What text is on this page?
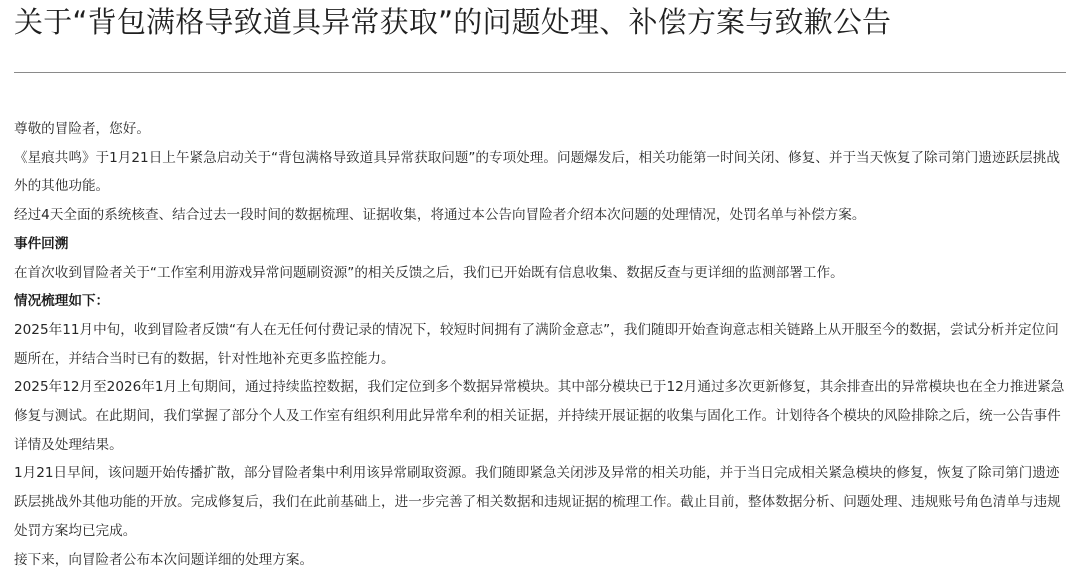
关于“背包满格导致道具异常获取”的问题处理、补偿方案与致歉公告

尊敬的冒险者，您好。

《星痕共鸣》于1月21日上午紧急启动关于“背包满格导致道具异常获取问题”的专项处理。问题爆发后，相关功能第一时间关闭、修复、并于当天恢复了除司第门遗迹跃层挑战外的其他功能。

经过4天全面的系统核查、结合过去一段时间的数据梳理、证据收集，将通过本公告向冒险者介绍本次问题的处理情况，处罚名单与补偿方案。

事件回溯

在首次收到冒险者关于“工作室利用游戏异常问题刷资源”的相关反馈之后，我们已开始既有信息收集、数据反查与更详细的监测部署工作。

情况梳理如下：

2025年11月中旬，收到冒险者反馈“有人在无任何付费记录的情况下，较短时间拥有了满阶金意志”，我们随即开始查询意志相关链路上从开服至今的数据，尝试分析并定位问题所在，并结合当时已有的数据，针对性地补充更多监控能力。

2025年12月至2026年1月上旬期间，通过持续监控数据，我们定位到多个数据异常模块。其中部分模块已于12月通过多次更新修复，其余排查出的异常模块也在全力推进紧急修复与测试。在此期间，我们掌握了部分个人及工作室有组织利用此异常牟利的相关证据，并持续开展证据的收集与固化工作。计划待各个模块的风险排除之后，统一公告事件详情及处理结果。

1月21日早间，该问题开始传播扩散，部分冒险者集中利用该异常刷取资源。我们随即紧急关闭涉及异常的相关功能，并于当日完成相关紧急模块的修复，恢复了除司第门遗迹跃层挑战外其他功能的开放。完成修复后，我们在此前基础上，进一步完善了相关数据和违规证据的梳理工作。截止目前，整体数据分析、问题处理、违规账号角色清单与违规处罚方案均已完成。

接下来，向冒险者公布本次问题详细的处理方案。
